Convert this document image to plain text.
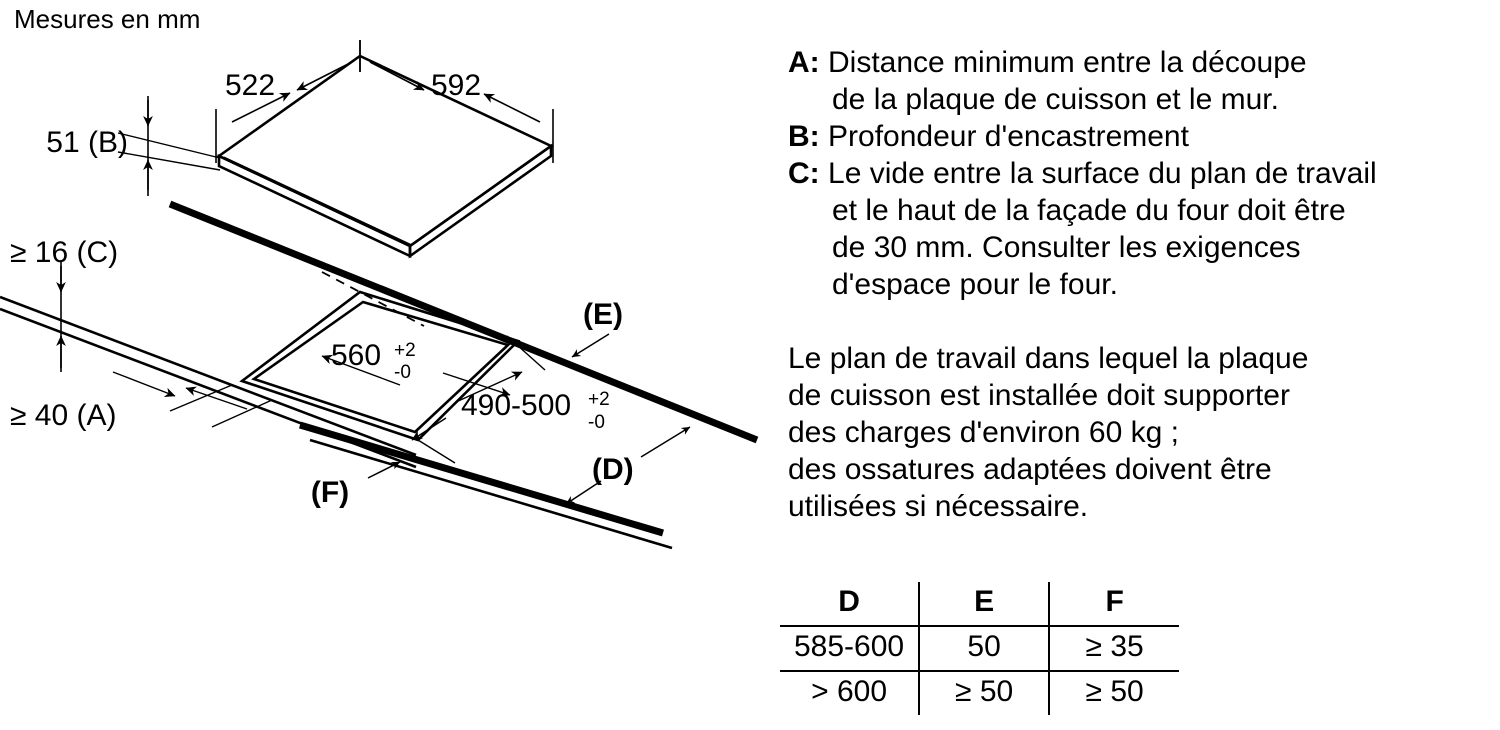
Mesures en mm
522	592
51 (B)
≥ 16 (C)
≥ 40 (A)
560 +2
-0
490-500 +2
-0
(E)
(D)
(F)
A: Distance minimum entre la découpe
de la plaque de cuisson et le mur.
B: Profondeur d'encastrement
C: Le vide entre la surface du plan de travail
et le haut de la façade du four doit être
de 30 mm. Consulter les exigences
d'espace pour le four.
Le plan de travail dans lequel la plaque
de cuisson est installée doit supporter
des charges d'environ 60 kg ;
des ossatures adaptées doivent être
utilisées si nécessaire.
D	E	F
585-600	50	≥ 35
> 600	≥ 50	≥ 50
